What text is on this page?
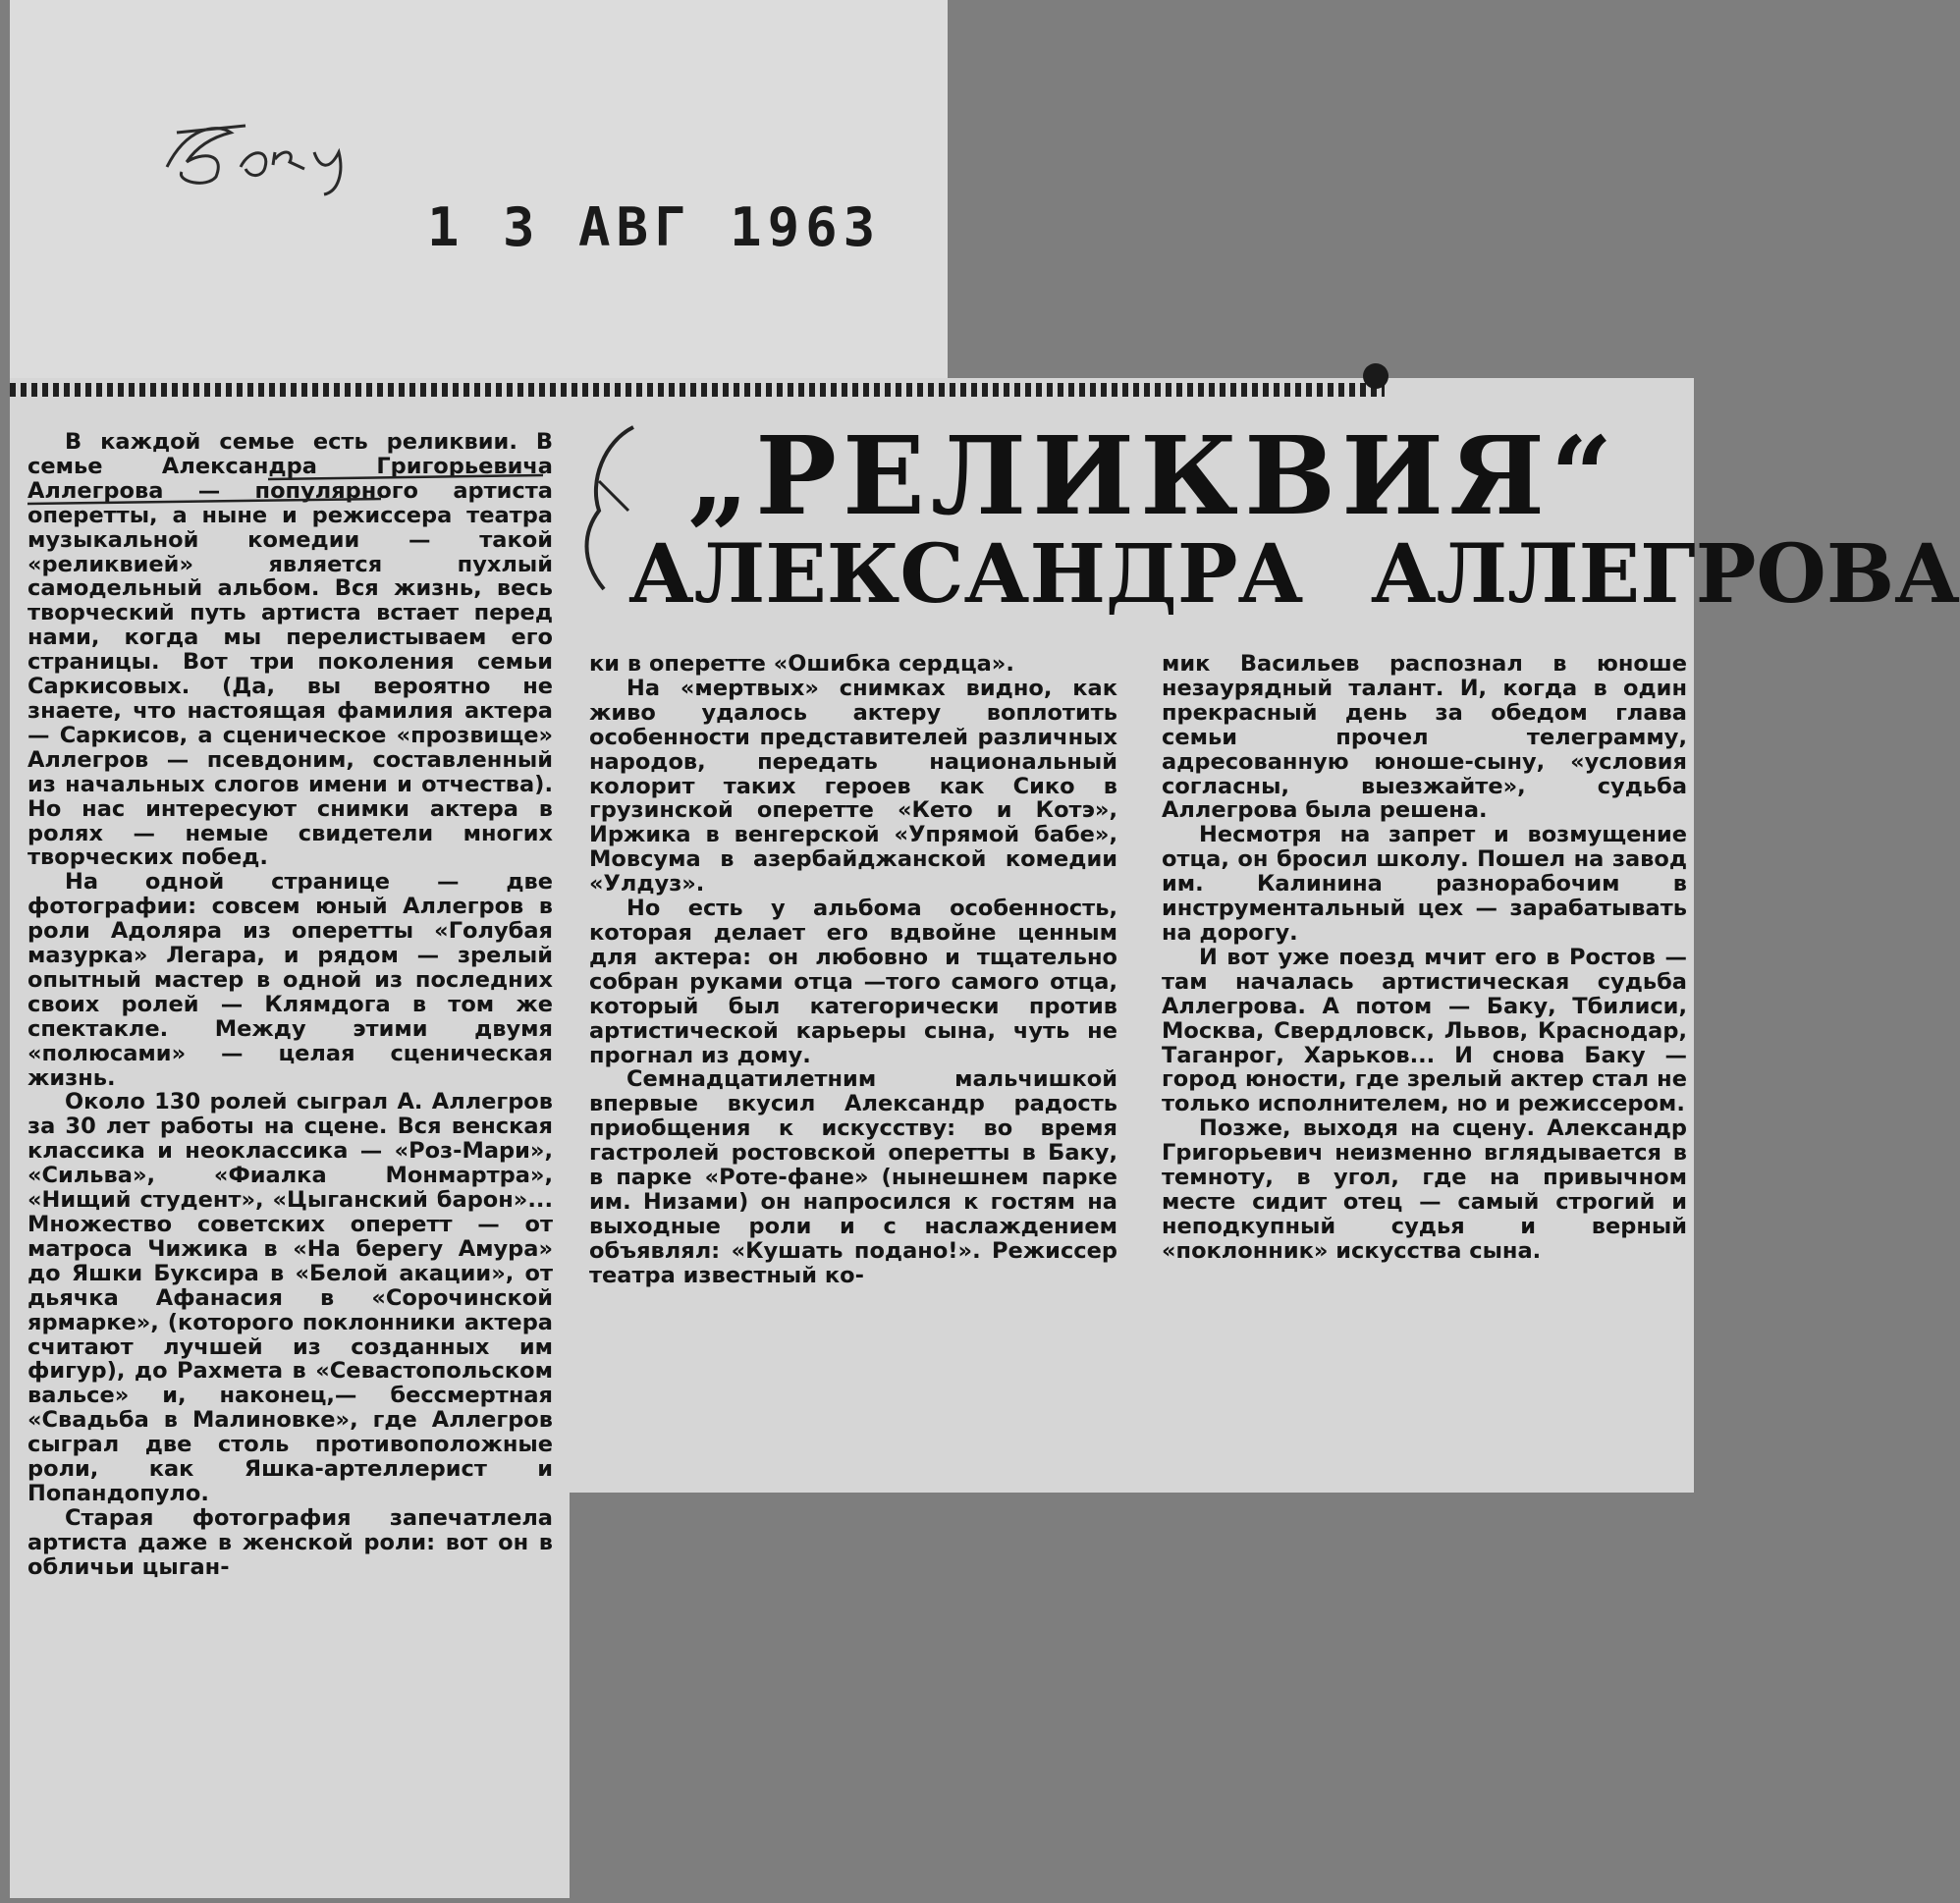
1 3 АВГ 1963
„РЕЛИКВИЯ“
АЛЕКСАНДРА АЛЛЕГРОВА

В каждой семье есть реликвии. В семье Александра Григорьевича Аллегрова — популярного артиста оперетты, а ныне и режиссера театра музыкальной комедии — такой «реликвией» является пухлый самодельный альбом. Вся жизнь, весь творческий путь артиста встает перед нами, когда мы перелистываем его страницы. Вот три поколения семьи Саркисовых. (Да, вы вероятно не знаете, что настоящая фамилия актера — Саркисов, а сценическое «прозвище» Аллегров — псевдоним, составленный из начальных слогов имени и отчества). Но нас интересуют снимки актера в ролях — немые свидетели многих творческих побед.

На одной странице — две фотографии: совсем юный Аллегров в роли Адоляра из оперетты «Голубая мазурка» Легара, и рядом — зрелый опытный мастер в одной из последних своих ролей — Клямдога в том же спектакле. Между этими двумя «полюсами» — целая сценическая жизнь.

Около 130 ролей сыграл А. Аллегров за 30 лет работы на сцене. Вся венская классика и неоклассика — «Роз-Мари», «Сильва», «Фиалка Монмартра», «Нищий студент», «Цыганский барон»... Множество советских оперетт — от матроса Чижика в «На берегу Амура» до Яшки Буксира в «Белой акации», от дьячка Афанасия в «Сорочинской ярмарке», (которого поклонники актера считают лучшей из созданных им фигур), до Рахмета в «Севастопольском вальсе» и, наконец,— бессмертная «Свадьба в Малиновке», где Аллегров сыграл две столь противоположные роли, как Яшка-артеллерист и Попандопуло.

Старая фотография запечатлела артиста даже в женской роли: вот он в обличьи цыган-

ки в оперетте «Ошибка сердца».

На «мертвых» снимках видно, как живо удалось актеру воплотить особенности представителей различных народов, передать национальный колорит таких героев как Сико в грузинской оперетте «Кето и Котэ», Иржика в венгерской «Упрямой бабе», Мовсума в азербайджанской комедии «Улдуз».

Но есть у альбома особенность, которая делает его вдвойне ценным для актера: он любовно и тщательно собран руками отца —того самого отца, который был категорически против артистической карьеры сына, чуть не прогнал из дому.

Семнадцатилетним мальчишкой впервые вкусил Александр радость приобщения к искусству: во время гастролей ростовской оперетты в Баку, в парке «Роте-фане» (нынешнем парке им. Низами) он напросился к гостям на выходные роли и с наслаждением объявлял: «Кушать подано!». Режиссер театра известный ко-

мик Васильев распознал в юноше незаурядный талант. И, когда в один прекрасный день за обедом глава семьи прочел телеграмму, адресованную юноше-сыну, «условия согласны, выезжайте», судьба Аллегрова была решена.

Несмотря на запрет и возмущение отца, он бросил школу. Пошел на завод им. Калинина разнорабочим в инструментальный цех — зарабатывать на дорогу.

И вот уже поезд мчит его в Ростов — там началась артистическая судьба Аллегрова. А потом — Баку, Тбилиси, Москва, Свердловск, Львов, Краснодар, Таганрог, Харьков... И снова Баку — город юности, где зрелый актер стал не только исполнителем, но и режиссером.

Позже, выходя на сцену. Александр Григорьевич неизменно вглядывается в темноту, в угол, где на привычном месте сидит отец — самый строгий и неподкупный судья и верный «поклонник» искусства сына.
